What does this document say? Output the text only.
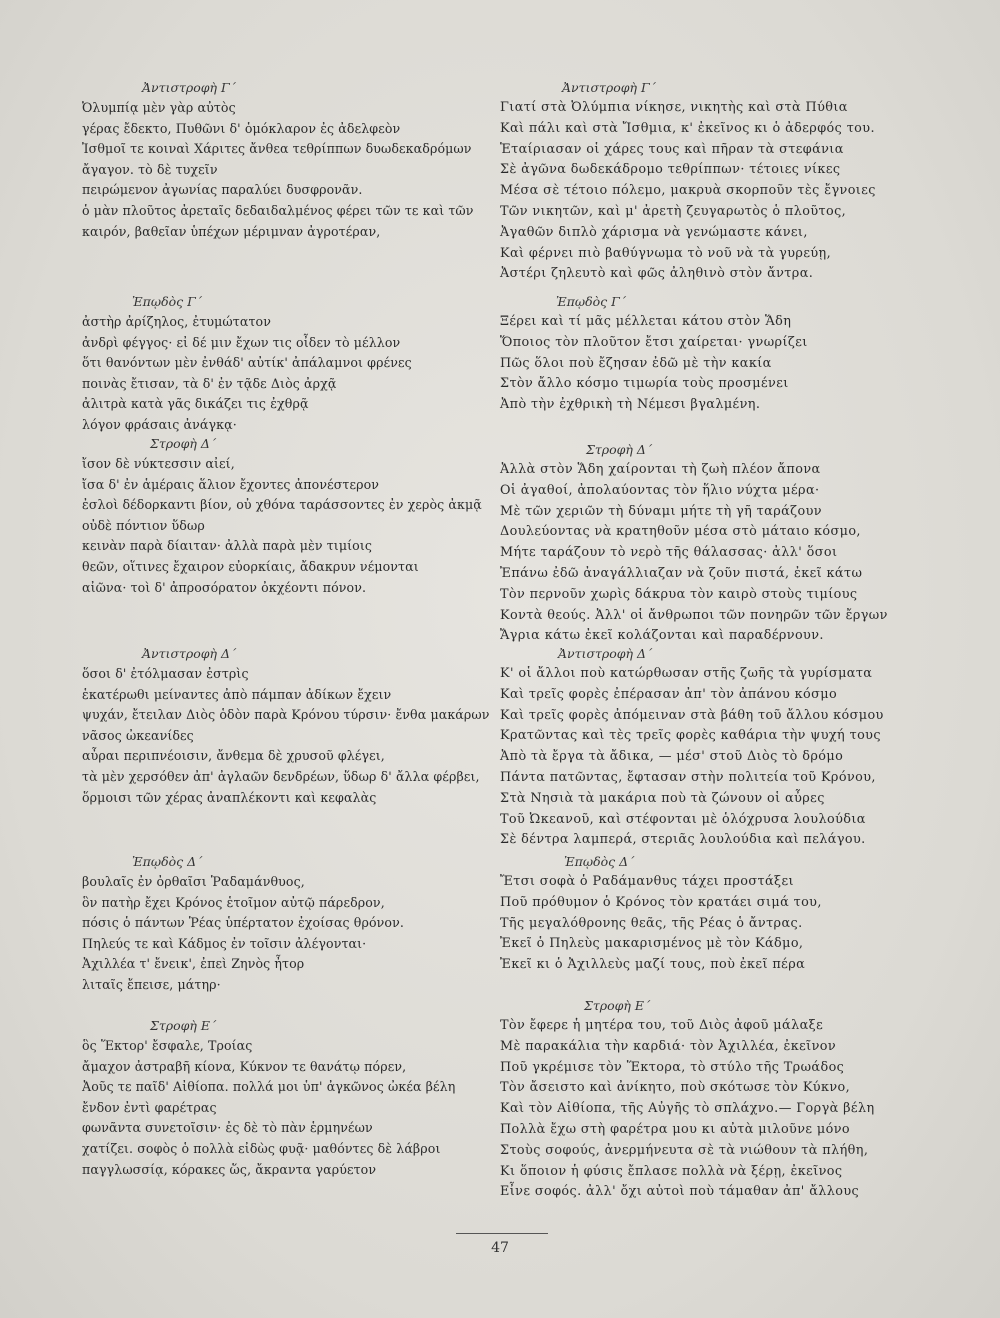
Ἀντιστροφὴ Γ´
Ὀλυμπίᾳ μὲν γὰρ αὐτὸς
γέρας ἔδεκτο, Πυθῶνι δ' ὁμόκλαρον ἐς ἀδελφεὸν
Ἰσθμοῖ τε κοιναὶ Χάριτες ἄνθεα τεθρίππων δυωδεκαδρόμων
ἄγαγον. τὸ δὲ τυχεῖν
πειρώμενον ἀγωνίας παραλύει δυσφρονᾶν.
ὁ μὰν πλοῦτος ἀρεταῖς δεδαιδαλμένος φέρει τῶν τε καὶ τῶν
καιρόν, βαθεῖαν ὑπέχων μέριμναν ἀγροτέραν,
Ἐπῳδὸς Γ´
ἀστὴρ ἀρίζηλος, ἐτυμώτατον
ἀνδρὶ φέγγος· εἰ δέ μιν ἔχων τις οἶδεν τὸ μέλλον
ὅτι θανόντων μὲν ἐνθάδ' αὐτίκ' ἀπάλαμνοι φρένες
ποινὰς ἔτισαν, τὰ δ' ἐν τᾷδε Διὸς ἀρχᾷ
ἀλιτρὰ κατὰ γᾶς δικάζει τις ἐχθρᾷ
λόγον φράσαις ἀνάγκᾳ·
Στροφὴ Δ´
ἴσον δὲ νύκτεσσιν αἰεί,
ἴσα δ' ἐν ἁμέραις ἅλιον ἔχοντες ἀπονέστερον
ἐσλοὶ δέδορκαντι βίον, οὐ χθόνα ταράσσοντες ἐν χερὸς ἀκμᾷ
οὐδὲ πόντιον ὕδωρ
κεινὰν παρὰ δίαιταν· ἀλλὰ παρὰ μὲν τιμίοις
θεῶν, οἵτινες ἔχαιρον εὐορκίαις, ἄδακρυν νέμονται
αἰῶνα· τοὶ δ' ἀπροσόρατον ὀκχέοντι πόνον.
Ἀντιστροφὴ Δ´
ὅσοι δ' ἐτόλμασαν ἐστρὶς
ἑκατέρωθι μείναντες ἀπὸ πάμπαν ἀδίκων ἔχειν
ψυχάν, ἔτειλαν Διὸς ὁδὸν παρὰ Κρόνου τύρσιν· ἔνθα μακάρων
νᾶσος ὠκεανίδες
αὖραι περιπνέοισιν, ἄνθεμα δὲ χρυσοῦ φλέγει,
τὰ μὲν χερσόθεν ἀπ' ἀγλαῶν δενδρέων, ὕδωρ δ' ἄλλα φέρβει,
ὅρμοισι τῶν χέρας ἀναπλέκοντι καὶ κεφαλὰς
Ἐπῳδὸς Δ´
βουλαῖς ἐν ὀρθαῖσι Ῥαδαμάνθυος,
ὃν πατὴρ ἔχει Κρόνος ἑτοῖμον αὐτῷ πάρεδρον,
πόσις ὁ πάντων Ῥέας ὑπέρτατον ἐχοίσας θρόνον.
Πηλεύς τε καὶ Κάδμος ἐν τοῖσιν ἀλέγονται·
Ἀχιλλέα τ' ἔνεικ', ἐπεὶ Ζηνὸς ἦτορ
λιταῖς ἔπεισε, μάτηρ·
Στροφὴ Ε´
ὃς Ἕκτορ' ἔσφαλε, Τροίας
ἄμαχον ἀστραβῆ κίονα, Κύκνον τε θανάτῳ πόρεν,
Ἀοῦς τε παῖδ' Αἰθίοπα. πολλά μοι ὑπ' ἀγκῶνος ὠκέα βέλη
ἔνδον ἐντὶ φαρέτρας
φωνᾶντα συνετοῖσιν· ἐς δὲ τὸ πὰν ἑρμηνέων
χατίζει. σοφὸς ὁ πολλὰ εἰδὼς φυᾷ· μαθόντες δὲ λάβροι
παγγλωσσίᾳ, κόρακες ὥς, ἄκραντα γαρύετον
Ἀντιστροφὴ Γ´
Γιατί στὰ Ὀλύμπια νίκησε, νικητὴς καὶ στὰ Πύθια
Καὶ πάλι καὶ στὰ Ἴσθμια, κ' ἐκεῖνος κι ὁ ἀδερφός του.
Ἑταίριασαν οἱ χάρες τους καὶ πῆραν τὰ στεφάνια
Σὲ ἀγῶνα δωδεκάδρομο τεθρίππων· τέτοιες νίκες
Μέσα σὲ τέτοιο πόλεμο, μακρυὰ σκορποῦν τὲς ἔγνοιες
Τῶν νικητῶν, καὶ μ' ἀρετὴ ζευγαρωτὸς ὁ πλοῦτος,
Ἀγαθῶν διπλὸ χάρισμα νὰ γενώμαστε κάνει,
Καὶ φέρνει πιὸ βαθύγνωμα τὸ νοῦ νὰ τὰ γυρεύῃ,
Ἀστέρι ζηλευτὸ καὶ φῶς ἀληθινὸ στὸν ἄντρα.
Ἐπῳδὸς Γ´
Ξέρει καὶ τί μᾶς μέλλεται κάτου στὸν Ἅδη
Ὅποιος τὸν πλοῦτον ἔτσι χαίρεται· γνωρίζει
Πῶς ὅλοι ποὺ ἔζησαν ἐδῶ μὲ τὴν κακία
Στὸν ἄλλο κόσμο τιμωρία τοὺς προσμένει
Ἀπὸ τὴν ἐχθρικὴ τὴ Νέμεσι βγαλμένη.
Στροφὴ Δ´
Ἀλλὰ στὸν Ἅδη χαίρονται τὴ ζωὴ πλέον ἄπονα
Οἱ ἀγαθοί, ἀπολαύοντας τὸν ἥλιο νύχτα μέρα·
Μὲ τῶν χεριῶν τὴ δύναμι μήτε τὴ γῆ ταράζουν
Δουλεύοντας νὰ κρατηθοῦν μέσα στὸ μάταιο κόσμο,
Μήτε ταράζουν τὸ νερὸ τῆς θάλασσας· ἀλλ' ὅσοι
Ἐπάνω ἐδῶ ἀναγάλλιαζαν νὰ ζοῦν πιστά, ἐκεῖ κάτω
Τὸν περνοῦν χωρὶς δάκρυα τὸν καιρὸ στοὺς τιμίους
Κοντὰ θεούς. Ἀλλ' οἱ ἄνθρωποι τῶν πονηρῶν τῶν ἔργων
Ἄγρια κάτω ἐκεῖ κολάζονται καὶ παραδέρνουν.
Ἀντιστροφὴ Δ´
Κ' οἱ ἄλλοι ποὺ κατώρθωσαν στῆς ζωῆς τὰ γυρίσματα
Καὶ τρεῖς φορὲς ἐπέρασαν ἀπ' τὸν ἀπάνου κόσμο
Καὶ τρεῖς φορὲς ἀπόμειναν στὰ βάθη τοῦ ἄλλου κόσμου
Κρατῶντας καὶ τὲς τρεῖς φορὲς καθάρια τὴν ψυχή τους
Ἀπὸ τὰ ἔργα τὰ ἄδικα, — μέσ' στοῦ Διὸς τὸ δρόμο
Πάντα πατῶντας, ἔφτασαν στὴν πολιτεία τοῦ Κρόνου,
Στὰ Νησιὰ τὰ μακάρια ποὺ τὰ ζώνουν οἱ αὖρες
Τοῦ Ὠκεανοῦ, καὶ στέφονται μὲ ὁλόχρυσα λουλούδια
Σὲ δέντρα λαμπερά, στεριᾶς λουλούδια καὶ πελάγου.
Ἐπῳδὸς Δ´
Ἔτσι σοφὰ ὁ Ραδάμανθυς τάχει προστάξει
Ποῦ πρόθυμον ὁ Κρόνος τὸν κρατάει σιμά του,
Τῆς μεγαλόθρονης θεᾶς, τῆς Ρέας ὁ ἄντρας.
Ἐκεῖ ὁ Πηλεὺς μακαρισμένος μὲ τὸν Κάδμο,
Ἐκεῖ κι ὁ Ἀχιλλεὺς μαζί τους, ποὺ ἐκεῖ πέρα
Στροφὴ Ε´
Τὸν ἔφερε ἡ μητέρα του, τοῦ Διὸς ἀφοῦ μάλαξε
Μὲ παρακάλια τὴν καρδιά· τὸν Ἀχιλλέα, ἐκεῖνον
Ποῦ γκρέμισε τὸν Ἕκτορα, τὸ στύλο τῆς Τρωάδος
Τὸν ἄσειστο καὶ ἀνίκητο, ποὺ σκότωσε τὸν Κύκνο,
Καὶ τὸν Αἰθίοπα, τῆς Αὐγῆς τὸ σπλάχνο.— Γοργὰ βέλη
Πολλὰ ἔχω στὴ φαρέτρα μου κι αὐτὰ μιλοῦνε μόνο
Στοὺς σοφούς, ἀνερμήνευτα σὲ τὰ νιώθουν τὰ πλήθη,
Κι ὅποιον ἡ φύσις ἔπλασε πολλὰ νὰ ξέρῃ, ἐκεῖνος
Εἶνε σοφός. ἀλλ' ὄχι αὐτοὶ ποὺ τάμαθαν ἀπ' ἄλλους
47
